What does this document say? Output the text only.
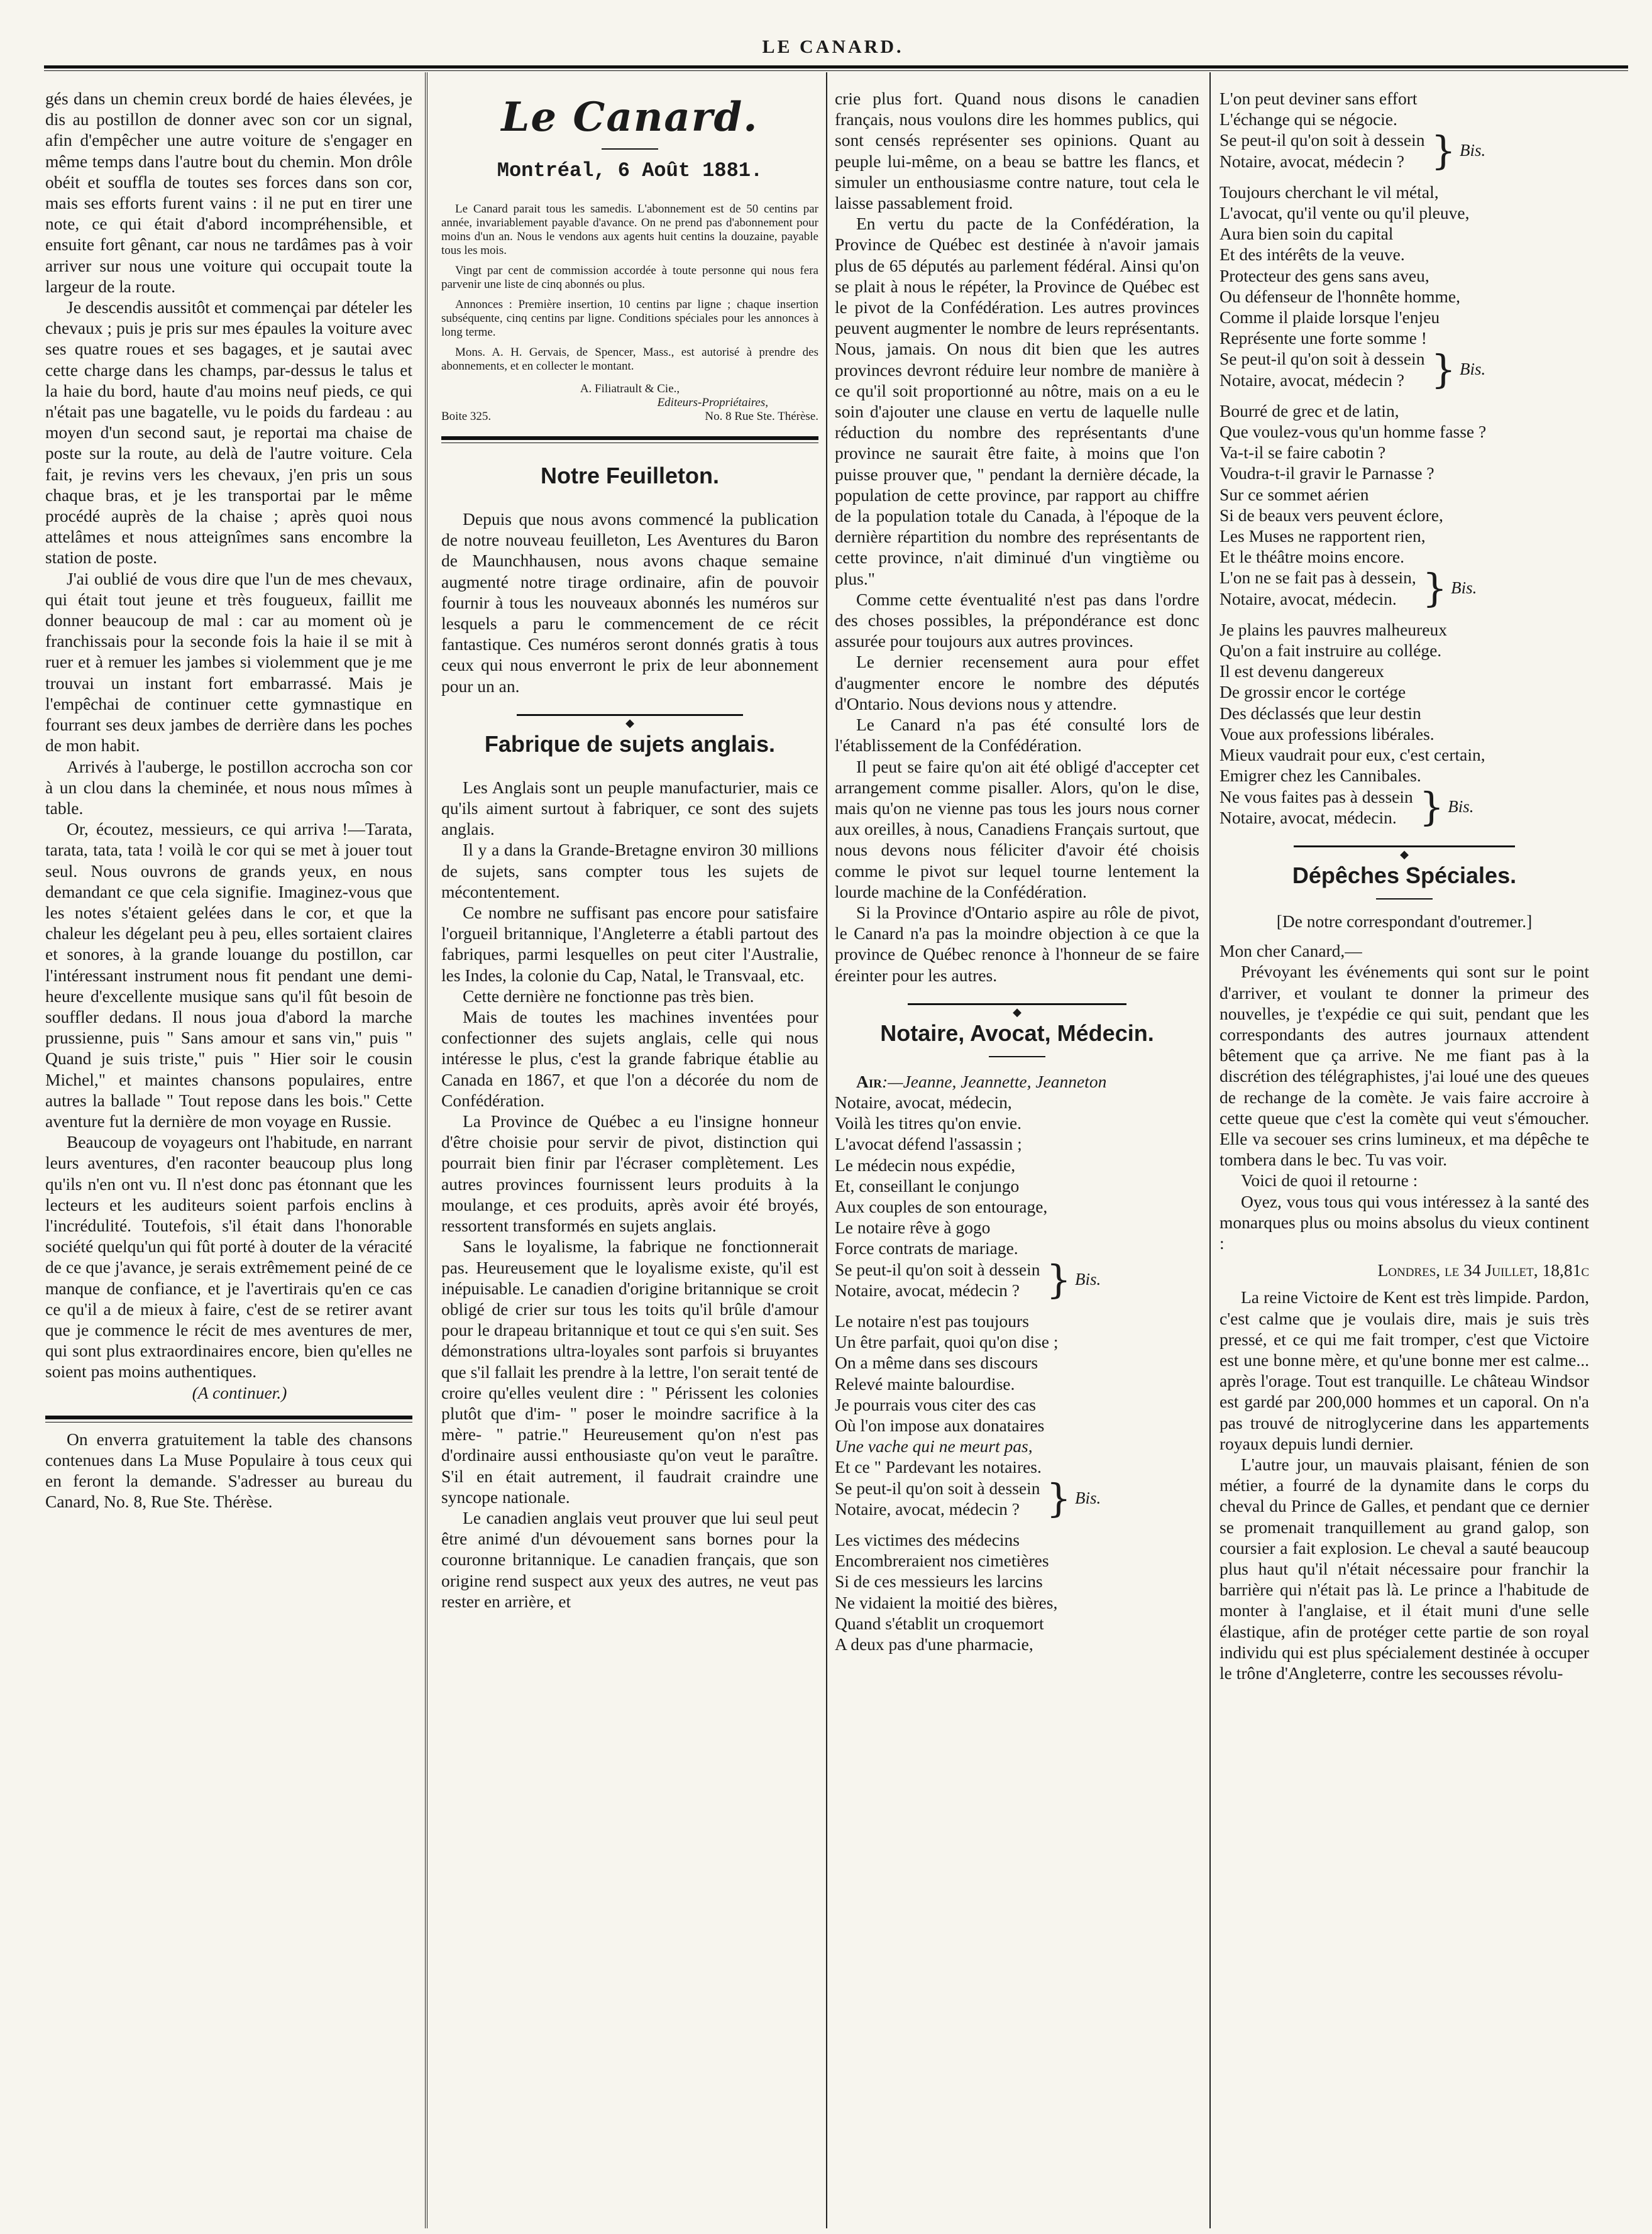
LE CANARD.

gés dans un chemin creux bordé de haies élevées, je dis au postillon de donner avec son cor un signal, afin d'empêcher une autre voiture de s'engager en même temps dans l'autre bout du chemin. Mon drôle obéit et souffla de toutes ses forces dans son cor, mais ses efforts furent vains : il ne put en tirer une note, ce qui était d'abord incompréhensible, et ensuite fort gênant, car nous ne tardâmes pas à voir arriver sur nous une voiture qui occupait toute la largeur de la route.

Je descendis aussitôt et commençai par dételer les chevaux ; puis je pris sur mes épaules la voiture avec ses quatre roues et ses bagages, et je sautai avec cette charge dans les champs, par-dessus le talus et la haie du bord, haute d'au moins neuf pieds, ce qui n'était pas une bagatelle, vu le poids du fardeau : au moyen d'un second saut, je reportai ma chaise de poste sur la route, au delà de l'autre voiture. Cela fait, je revins vers les chevaux, j'en pris un sous chaque bras, et je les transportai par le même procédé auprès de la chaise ; après quoi nous attelâmes et nous atteignîmes sans encombre la station de poste.

J'ai oublié de vous dire que l'un de mes chevaux, qui était tout jeune et très fougueux, faillit me donner beaucoup de mal : car au moment où je franchissais pour la seconde fois la haie il se mit à ruer et à remuer les jambes si violemment que je me trouvai un instant fort embarrassé. Mais je l'empêchai de continuer cette gymnastique en fourrant ses deux jambes de derrière dans les poches de mon habit.

Arrivés à l'auberge, le postillon accrocha son cor à un clou dans la cheminée, et nous nous mîmes à table.

Or, écoutez, messieurs, ce qui arriva !—Tarata, tarata, tata, tata ! voilà le cor qui se met à jouer tout seul. Nous ouvrons de grands yeux, en nous demandant ce que cela signifie. Imaginez-vous que les notes s'étaient gelées dans le cor, et que la chaleur les dégelant peu à peu, elles sortaient claires et sonores, à la grande louange du postillon, car l'intéressant instrument nous fit pendant une demi-heure d'excellente musique sans qu'il fût besoin de souffler dedans. Il nous joua d'abord la marche prussienne, puis " Sans amour et sans vin," puis " Quand je suis triste," puis " Hier soir le cousin Michel," et maintes chansons populaires, entre autres la ballade " Tout repose dans les bois." Cette aventure fut la dernière de mon voyage en Russie.

Beaucoup de voyageurs ont l'habitude, en narrant leurs aventures, d'en raconter beaucoup plus long qu'ils n'en ont vu. Il n'est donc pas étonnant que les lecteurs et les auditeurs soient parfois enclins à l'incrédulité. Toutefois, s'il était dans l'honorable société quelqu'un qui fût porté à douter de la véracité de ce que j'avance, je serais extrêmement peiné de ce manque de confiance, et je l'avertirais qu'en ce cas ce qu'il a de mieux à faire, c'est de se retirer avant que je commence le récit de mes aventures de mer, qui sont plus extraordinaires encore, bien qu'elles ne soient pas moins authentiques.

(A continuer.)

On enverra gratuitement la table des chansons contenues dans La Muse Populaire à tous ceux qui en feront la demande. S'adresser au bureau du Canard, No. 8, Rue Ste. Thérèse.

Le Canard.
Montréal, 6 Août 1881.

Le Canard parait tous les samedis. L'abonnement est de 50 centins par année, invariablement payable d'avance. On ne prend pas d'abonnement pour moins d'un an. Nous le vendons aux agents huit centins la douzaine, payable tous les mois.

Vingt par cent de commission accordée à toute personne qui nous fera parvenir une liste de cinq abonnés ou plus.

Annonces : Première insertion, 10 centins par ligne ; chaque insertion subséquente, cinq centins par ligne. Conditions spéciales pour les annonces à long terme.

Mons. A. H. Gervais, de Spencer, Mass., est autorisé à prendre des abonnements, et en collecter le montant.

A. Filiatrault & Cie.,
Editeurs-Propriétaires,
Boite 325.	No. 8 Rue Ste. Thérèse.
Notre Feuilleton.

Depuis que nous avons commencé la publication de notre nouveau feuilleton, Les Aventures du Baron de Maunchhausen, nous avons chaque semaine augmenté notre tirage ordinaire, afin de pouvoir fournir à tous les nouveaux abonnés les numéros sur lesquels a paru le commencement de ce récit fantastique. Ces numéros seront donnés gratis à tous ceux qui nous enverront le prix de leur abonnement pour un an.

◆
Fabrique de sujets anglais.

Les Anglais sont un peuple manufacturier, mais ce qu'ils aiment surtout à fabriquer, ce sont des sujets anglais.

Il y a dans la Grande-Bretagne environ 30 millions de sujets, sans compter tous les sujets de mécontentement.

Ce nombre ne suffisant pas encore pour satisfaire l'orgueil britannique, l'Angleterre a établi partout des fabriques, parmi lesquelles on peut citer l'Australie, les Indes, la colonie du Cap, Natal, le Transvaal, etc.

Cette dernière ne fonctionne pas très bien.

Mais de toutes les machines inventées pour confectionner des sujets anglais, celle qui nous intéresse le plus, c'est la grande fabrique établie au Canada en 1867, et que l'on a décorée du nom de Confédération.

La Province de Québec a eu l'insigne honneur d'être choisie pour servir de pivot, distinction qui pourrait bien finir par l'écraser complètement. Les autres provinces fournissent leurs produits à la moulange, et ces produits, après avoir été broyés, ressortent transformés en sujets anglais.

Sans le loyalisme, la fabrique ne fonctionnerait pas. Heureusement que le loyalisme existe, qu'il est inépuisable. Le canadien d'origine britannique se croit obligé de crier sur tous les toits qu'il brûle d'amour pour le drapeau britannique et tout ce qui s'en suit. Ses démonstrations ultra-loyales sont parfois si bruyantes que s'il fallait les prendre à la lettre, l'on serait tenté de croire qu'elles veulent dire : " Périssent les colonies plutôt que d'im- " poser le moindre sacrifice à la mère- " patrie." Heureusement qu'on n'est pas d'ordinaire aussi enthousiaste qu'on veut le paraître. S'il en était autrement, il faudrait craindre une syncope nationale.

Le canadien anglais veut prouver que lui seul peut être animé d'un dévouement sans bornes pour la couronne britannique. Le canadien français, que son origine rend suspect aux yeux des autres, ne veut pas rester en arrière, et

crie plus fort. Quand nous disons le canadien français, nous voulons dire les hommes publics, qui sont censés représenter ses opinions. Quant au peuple lui-même, on a beau se battre les flancs, et simuler un enthousiasme contre nature, tout cela le laisse passablement froid.

En vertu du pacte de la Confédération, la Province de Québec est destinée à n'avoir jamais plus de 65 députés au parlement fédéral. Ainsi qu'on se plait à nous le répéter, la Province de Québec est le pivot de la Confédération. Les autres provinces peuvent augmenter le nombre de leurs représentants. Nous, jamais. On nous dit bien que les autres provinces devront réduire leur nombre de manière à ce qu'il soit proportionné au nôtre, mais on a eu le soin d'ajouter une clause en vertu de laquelle nulle réduction du nombre des représentants d'une province ne saurait être faite, à moins que l'on puisse prouver que, " pendant la dernière décade, la population de cette province, par rapport au chiffre de la population totale du Canada, à l'époque de la dernière répartition du nombre des représentants de cette province, n'ait diminué d'un vingtième ou plus."

Comme cette éventualité n'est pas dans l'ordre des choses possibles, la prépondérance est donc assurée pour toujours aux autres provinces.

Le dernier recensement aura pour effet d'augmenter encore le nombre des députés d'Ontario. Nous devions nous y attendre.

Le Canard n'a pas été consulté lors de l'établissement de la Confédération.

Il peut se faire qu'on ait été obligé d'accepter cet arrangement comme pisaller. Alors, qu'on le dise, mais qu'on ne vienne pas tous les jours nous corner aux oreilles, à nous, Canadiens Français surtout, que nous devons nous féliciter d'avoir été choisis comme le pivot sur lequel tourne lentement la lourde machine de la Confédération.

Si la Province d'Ontario aspire au rôle de pivot, le Canard n'a pas la moindre objection à ce que la province de Québec renonce à l'honneur de se faire éreinter pour les autres.

◆
Notaire, Avocat, Médecin.

Air:—Jeanne, Jeannette, Jeanneton

Notaire, avocat, médecin,
Voilà les titres qu'on envie.
L'avocat défend l'assassin ;
Le médecin nous expédie,
Et, conseillant le conjungo
Aux couples de son entourage,
Le notaire rêve à gogo
Force contrats de mariage.
Se peut-il qu'on soit à dessein
Notaire, avocat, médecin ? } Bis.
Le notaire n'est pas toujours
Un être parfait, quoi qu'on dise ;
On a même dans ses discours
Relevé mainte balourdise.
Je pourrais vous citer des cas
Où l'on impose aux donataires
Une vache qui ne meurt pas,
Et ce " Pardevant les notaires.
Se peut-il qu'on soit à dessein
Notaire, avocat, médecin ? } Bis.
Les victimes des médecins
Encombreraient nos cimetières
Si de ces messieurs les larcins
Ne vidaient la moitié des bières,
Quand s'établit un croquemort
A deux pas d'une pharmacie,
L'on peut deviner sans effort
L'échange qui se négocie.
Se peut-il qu'on soit à dessein
Notaire, avocat, médecin ? } Bis.
Toujours cherchant le vil métal,
L'avocat, qu'il vente ou qu'il pleuve,
Aura bien soin du capital
Et des intérêts de la veuve.
Protecteur des gens sans aveu,
Ou défenseur de l'honnête homme,
Comme il plaide lorsque l'enjeu
Représente une forte somme !
Se peut-il qu'on soit à dessein
Notaire, avocat, médecin ? } Bis.
Bourré de grec et de latin,
Que voulez-vous qu'un homme fasse ?
Va-t-il se faire cabotin ?
Voudra-t-il gravir le Parnasse ?
Sur ce sommet aérien
Si de beaux vers peuvent éclore,
Les Muses ne rapportent rien,
Et le théâtre moins encore.
L'on ne se fait pas à dessein,
Notaire, avocat, médecin. } Bis.
Je plains les pauvres malheureux
Qu'on a fait instruire au collége.
Il est devenu dangereux
De grossir encor le cortége
Des déclassés que leur destin
Voue aux professions libérales.
Mieux vaudrait pour eux, c'est certain,
Emigrer chez les Cannibales.
Ne vous faites pas à dessein
Notaire, avocat, médecin. } Bis.
◆
Dépêches Spéciales.

[De notre correspondant d'outremer.]

Mon cher Canard,—

Prévoyant les événements qui sont sur le point d'arriver, et voulant te donner la primeur des nouvelles, je t'expédie ce qui suit, pendant que les correspondants des autres journaux attendent bêtement que ça arrive. Ne me fiant pas à la discrétion des télégraphistes, j'ai loué une des queues de rechange de la comète. Je vais faire accroire à cette queue que c'est la comète qui veut s'émoucher. Elle va secouer ses crins lumineux, et ma dépêche te tombera dans le bec. Tu vas voir.

Voici de quoi il retourne :

Oyez, vous tous qui vous intéressez à la santé des monarques plus ou moins absolus du vieux continent :

Londres, le 34 Juillet, 18,81c

La reine Victoire de Kent est très limpide. Pardon, c'est calme que je voulais dire, mais je suis très pressé, et ce qui me fait tromper, c'est que Victoire est une bonne mère, et qu'une bonne mer est calme... après l'orage. Tout est tranquille. Le château Windsor est gardé par 200,000 hommes et un caporal. On n'a pas trouvé de nitroglycerine dans les appartements royaux depuis lundi dernier.

L'autre jour, un mauvais plaisant, fénien de son métier, a fourré de la dynamite dans le corps du cheval du Prince de Galles, et pendant que ce dernier se promenait tranquillement au grand galop, son coursier a fait explosion. Le cheval a sauté beaucoup plus haut qu'il n'était nécessaire pour franchir la barrière qui n'était pas là. Le prince a l'habitude de monter à l'anglaise, et il était muni d'une selle élastique, afin de protéger cette partie de son royal individu qui est plus spécialement destinée à occuper le trône d'Angleterre, contre les secousses révolu-
